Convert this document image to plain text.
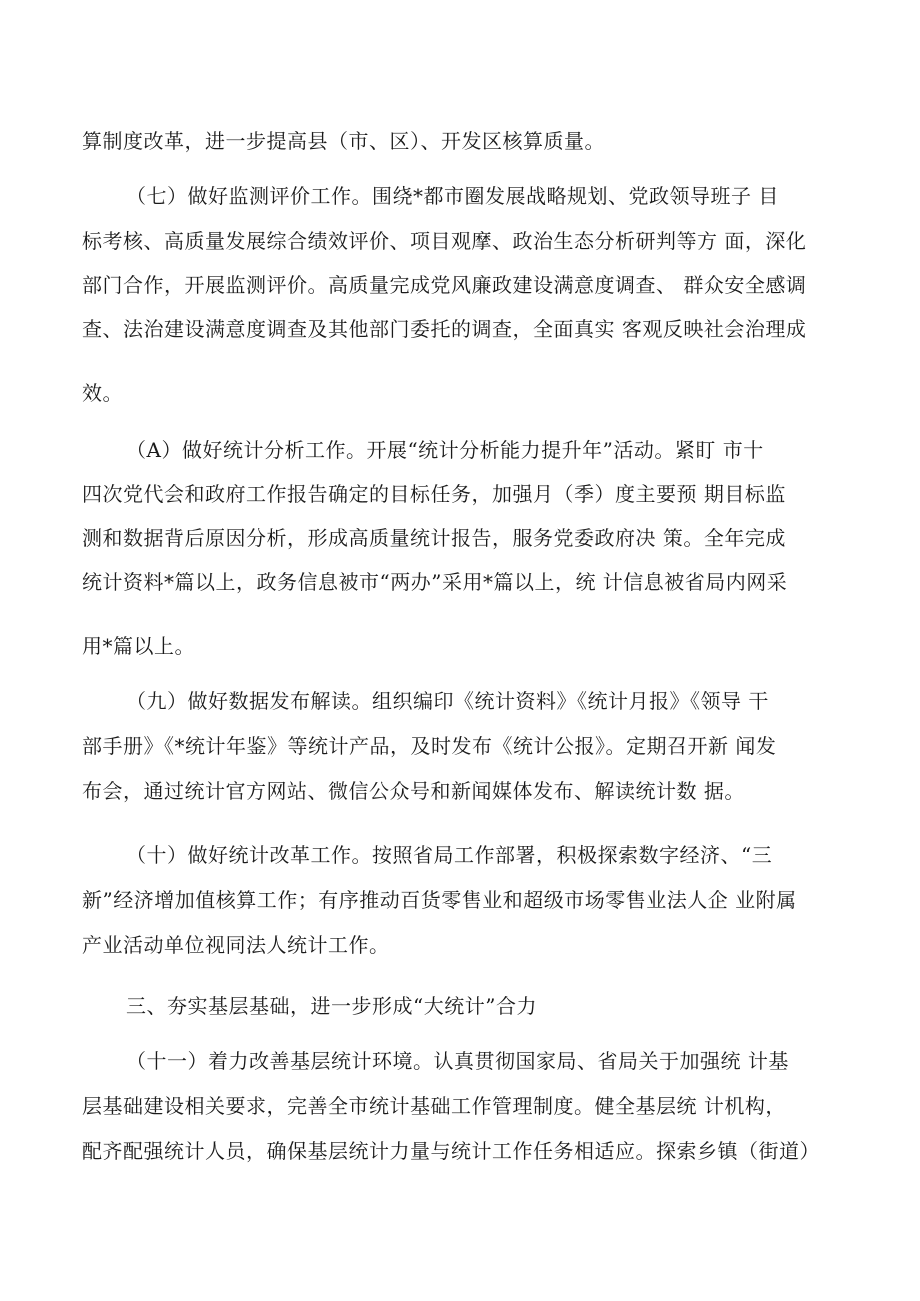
算制度改革，进一步提高县（市、区）、开发区核算质量。
（七）做好监测评价工作。围绕*都市圈发展战略规划、党政领导班子 目
标考核、高质量发展综合绩效评价、项目观摩、政治生态分析研判等方 面，深化
部门合作，开展监测评价。高质量完成党风廉政建设满意度调查、 群众安全感调
查、法治建设满意度调查及其他部门委托的调查，全面真实 客观反映社会治理成
效。
（A）做好统计分析工作。开展“统计分析能力提升年”活动。紧盯 市十
四次党代会和政府工作报告确定的目标任务，加强月（季）度主要预 期目标监
测和数据背后原因分析，形成高质量统计报告，服务党委政府决 策。全年完成
统计资料*篇以上，政务信息被市“两办”采用*篇以上，统 计信息被省局内网采
用*篇以上。
（九）做好数据发布解读。组织编印《统计资料》《统计月报》《领导 干
部手册》《*统计年鉴》等统计产品，及时发布《统计公报》。定期召开新 闻发
布会，通过统计官方网站、微信公众号和新闻媒体发布、解读统计数 据。
（十）做好统计改革工作。按照省局工作部署，积极探索数字经济、“三
新”经济增加值核算工作；有序推动百货零售业和超级市场零售业法人企 业附属
产业活动单位视同法人统计工作。
三、夯实基层基础，进一步形成“大统计”合力
（十一）着力改善基层统计环境。认真贯彻国家局、省局关于加强统 计基
层基础建设相关要求，完善全市统计基础工作管理制度。健全基层统 计机构，
配齐配强统计人员，确保基层统计力量与统计工作任务相适应。探索乡镇（街道）
